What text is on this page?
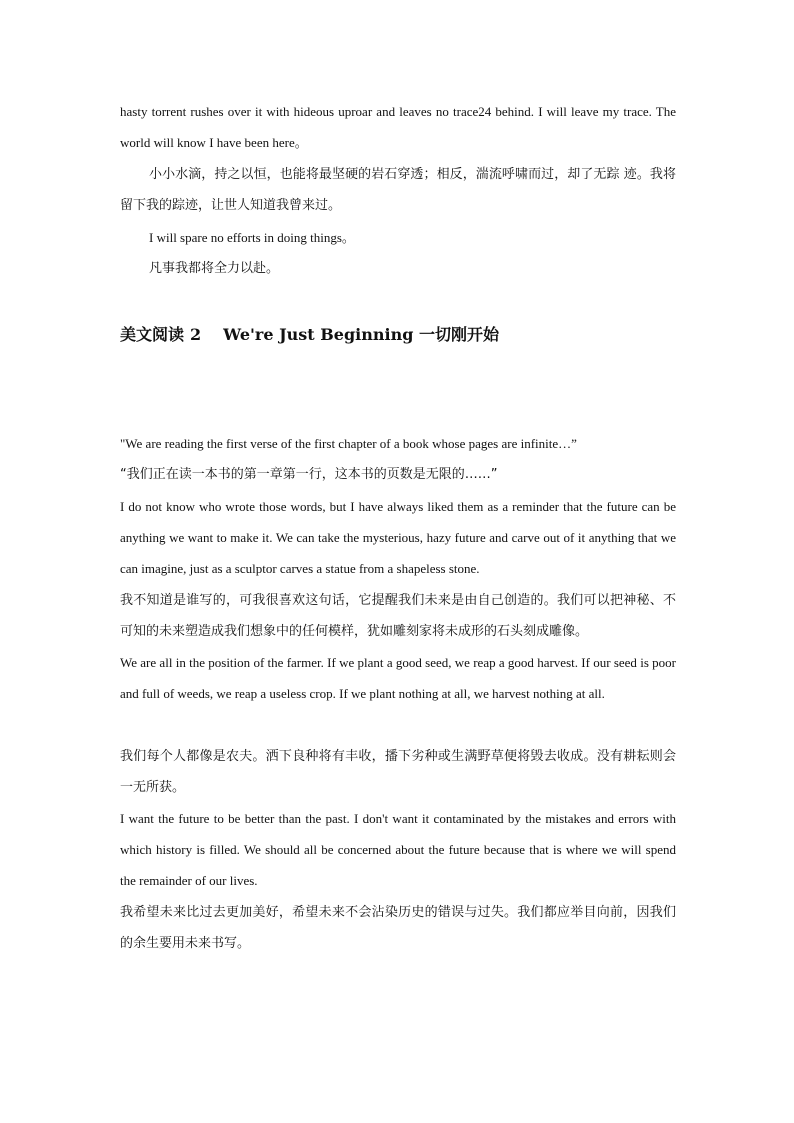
hasty torrent rushes over it with hideous uproar and leaves no trace24 behind. I will leave my trace. The world will know I have been here。

小小水滴，持之以恒，也能将最坚硬的岩石穿透；相反，湍流呼啸而过，却了无踪 迹。我将留下我的踪迹，让世人知道我曾来过。

I will spare no efforts in doing things。

凡事我都将全力以赴。

美文阅读 2 We're Just Beginning 一切刚开始

"We are reading the first verse of the first chapter of a book whose pages are infinite…”

“我们正在读一本书的第一章第一行，这本书的页数是无限的……”

I do not know who wrote those words, but I have always liked them as a reminder that the future can be anything we want to make it. We can take the mysterious, hazy future and carve out of it anything that we can imagine, just as a sculptor carves a statue from a shapeless stone.

我不知道是谁写的，可我很喜欢这句话，它提醒我们未来是由自己创造的。我们可以把神秘、不可知的未来塑造成我们想象中的任何模样，犹如雕刻家将未成形的石头刻成雕像。

We are all in the position of the farmer. If we plant a good seed, we reap a good harvest. If our seed is poor and full of weeds, we reap a useless crop. If we plant nothing at all, we harvest nothing at all.

我们每个人都像是农夫。洒下良种将有丰收，播下劣种或生满野草便将毁去收成。没有耕耘则会一无所获。

I want the future to be better than the past. I don't want it contaminated by the mistakes and errors with which history is filled. We should all be concerned about the future because that is where we will spend the remainder of our lives.

我希望未来比过去更加美好，希望未来不会沾染历史的错误与过失。我们都应举目向前，因我们的余生要用未来书写。
